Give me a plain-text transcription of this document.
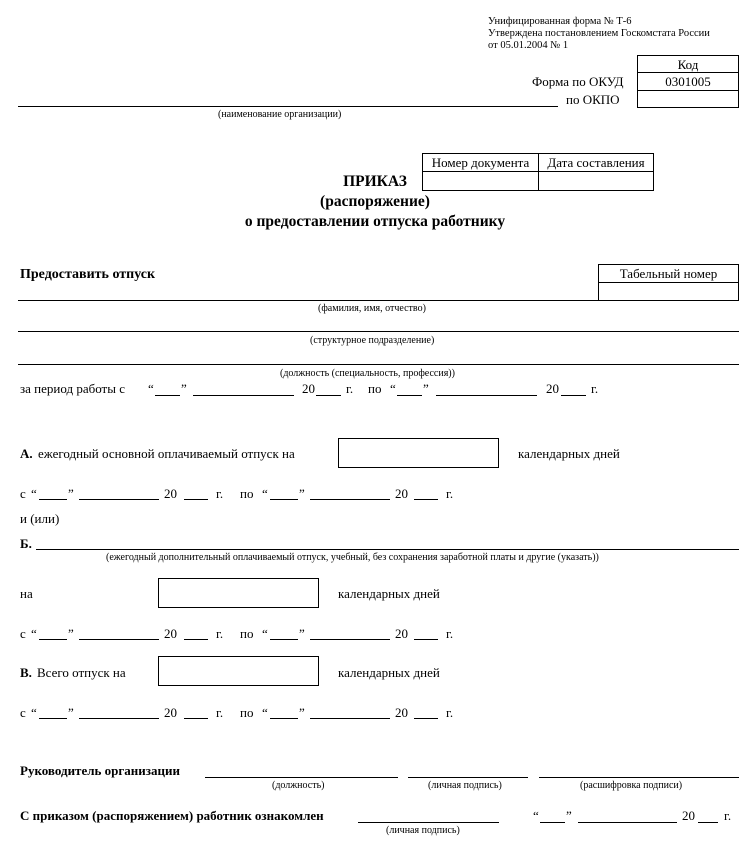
Унифицированная форма № Т-6
Утверждена постановлением Госкомстата России
от 05.01.2004 № 1
Код
0301005
Форма по ОКУД
по ОКПО
(наименование организации)
Номер документа	Дата составления
ПРИКАЗ
(распоряжение)
о предоставлении отпуска работнику
Предоставить отпуск	Табельный номер
(фамилия, имя, отчество)
(структурное подразделение)
(должность (специальность, профессия))
за период работы с “ ”	20 г. по “ ”	20 г.
А. ежегодный основной оплачиваемый отпуск на	календарных дней
с “ ”	20	г. по “ ”	20	г.
и (или)
Б.
(ежегодный дополнительный оплачиваемый отпуск, учебный, без сохранения заработной платы и другие (указать))
на	календарных дней
с “ ”	20	г. по “ ”	20	г.
В. Всего отпуск на	календарных дней
с “ ”	20	г. по “ ”	20	г.
Руководитель организации
(должность)	(личная подпись)	(расшифровка подписи)
С приказом (распоряжением) работник ознакомлен
(личная подпись)
“ ”	20 г.
